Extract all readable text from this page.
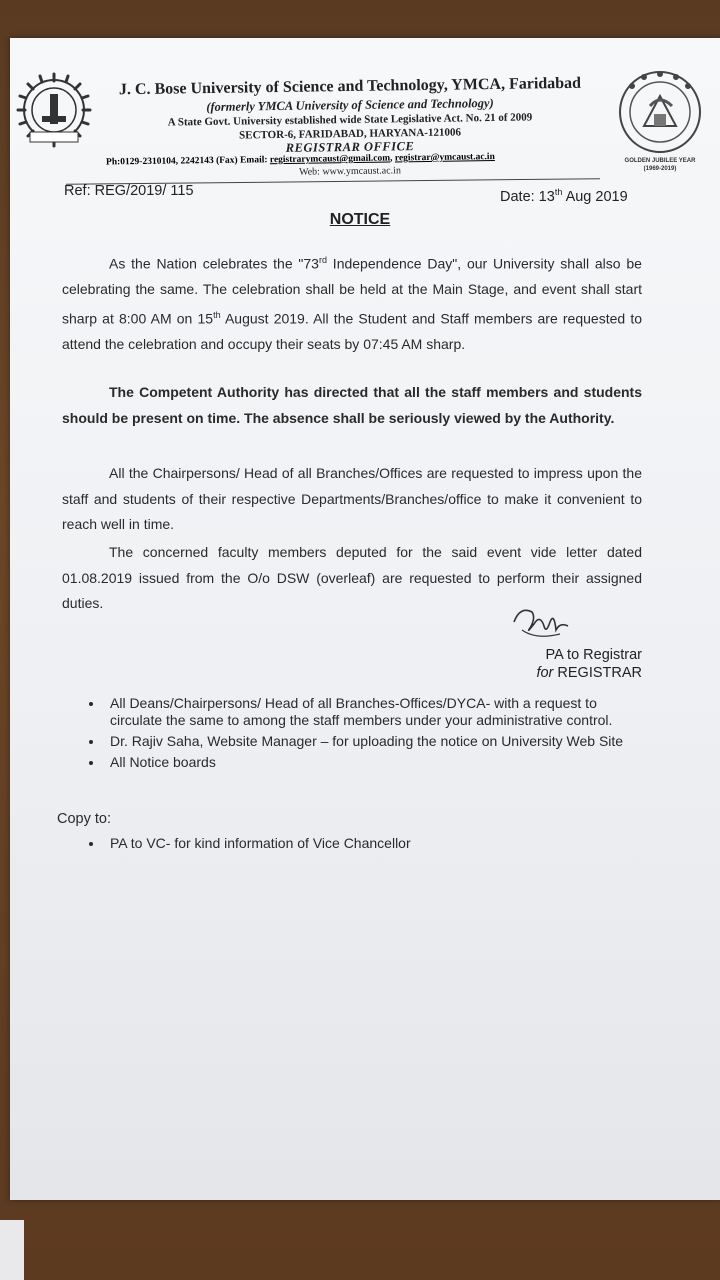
J. C. Bose University of Science and Technology, YMCA, Faridabad
(formerly YMCA University of Science and Technology)
A State Govt. University established wide State Legislative Act. No. 21 of 2009
SECTOR-6, FARIDABAD, HARYANA-121006
REGISTRAR OFFICE
Ph:0129-2310104, 2242143 (Fax) Email: registrarymcaust@gmail.com, registrar@ymcaust.ac.in
Web: www.ymcaust.ac.in
GOLDEN JUBILEE YEAR
(1969-2019)
Ref: REG/2019/ 115	Date: 13th Aug 2019
NOTICE
As the Nation celebrates the "73rd Independence Day", our University shall also be celebrating the same. The celebration shall be held at the Main Stage, and event shall start sharp at 8:00 AM on 15th August 2019. All the Student and Staff members are requested to attend the celebration and occupy their seats by 07:45 AM sharp.
The Competent Authority has directed that all the staff members and students should be present on time. The absence shall be seriously viewed by the Authority.
All the Chairpersons/ Head of all Branches/Offices are requested to impress upon the staff and students of their respective Departments/Branches/office to make it convenient to reach well in time.
The concerned faculty members deputed for the said event vide letter dated 01.08.2019 issued from the O/o DSW (overleaf) are requested to perform their assigned duties.
PA to Registrar
for REGISTRAR
• All Deans/Chairpersons/ Head of all Branches-Offices/DYCA- with a request to circulate the same to among the staff members under your administrative control.
• Dr. Rajiv Saha, Website Manager – for uploading the notice on University Web Site
• All Notice boards
Copy to:
• PA to VC- for kind information of Vice Chancellor
